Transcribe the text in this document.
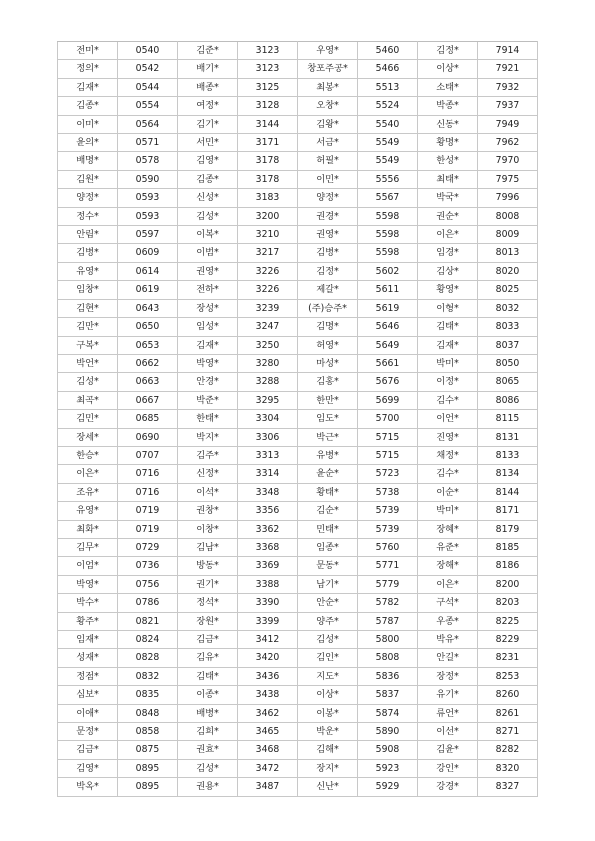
전미*	0540	김준*	3123	우영*	5460	김정*	7914
정의*	0542	배기*	3123	창포주공*	5466	이상*	7921
김재*	0544	배종*	3125	최봉*	5513	소태*	7932
김종*	0554	여정*	3128	오창*	5524	박종*	7937
이미*	0564	김기*	3144	김왕*	5540	신동*	7949
윤의*	0571	서민*	3171	서금*	5549	황명*	7962
배명*	0578	김영*	3178	허필*	5549	한성*	7970
김원*	0590	김종*	3178	이민*	5556	최태*	7975
양정*	0593	신성*	3183	양정*	5567	박국*	7996
정수*	0593	김성*	3200	권경*	5598	권순*	8008
안림*	0597	이복*	3210	권영*	5598	이은*	8009
김병*	0609	이범*	3217	김병*	5598	임경*	8013
유영*	0614	권영*	3226	김정*	5602	김상*	8020
임창*	0619	전하*	3226	제갈*	5611	황영*	8025
김현*	0643	장성*	3239	(주)승주*	5619	이형*	8032
김만*	0650	임성*	3247	김명*	5646	김태*	8033
구복*	0653	김재*	3250	허영*	5649	김재*	8037
박언*	0662	박영*	3280	마성*	5661	박미*	8050
김성*	0663	안경*	3288	김홍*	5676	이정*	8065
최곡*	0667	박준*	3295	한만*	5699	김수*	8086
김민*	0685	한태*	3304	임도*	5700	이언*	8115
장세*	0690	박지*	3306	박근*	5715	진영*	8131
한승*	0707	김주*	3313	유병*	5715	채정*	8133
이은*	0716	신정*	3314	윤순*	5723	김수*	8134
조유*	0716	이석*	3348	황태*	5738	이순*	8144
유영*	0719	권창*	3356	김순*	5739	박미*	8171
최화*	0719	이창*	3362	민태*	5739	장혜*	8179
김무*	0729	김남*	3368	임종*	5760	유준*	8185
이엄*	0736	방동*	3369	문동*	5771	장해*	8186
박영*	0756	권기*	3388	남기*	5779	이은*	8200
박수*	0786	정석*	3390	안순*	5782	구석*	8203
황주*	0821	장원*	3399	양주*	5787	우종*	8225
임재*	0824	김금*	3412	김성*	5800	박유*	8229
성재*	0828	김유*	3420	김인*	5808	안길*	8231
정점*	0832	김태*	3436	지도*	5836	장정*	8253
심보*	0835	이종*	3438	이상*	5837	유기*	8260
이애*	0848	배병*	3462	이봉*	5874	류언*	8261
문정*	0858	김희*	3465	박운*	5890	이선*	8271
김금*	0875	권효*	3468	김해*	5908	김윤*	8282
김영*	0895	김성*	3472	장지*	5923	강인*	8320
박옥*	0895	권용*	3487	신난*	5929	강경*	8327
